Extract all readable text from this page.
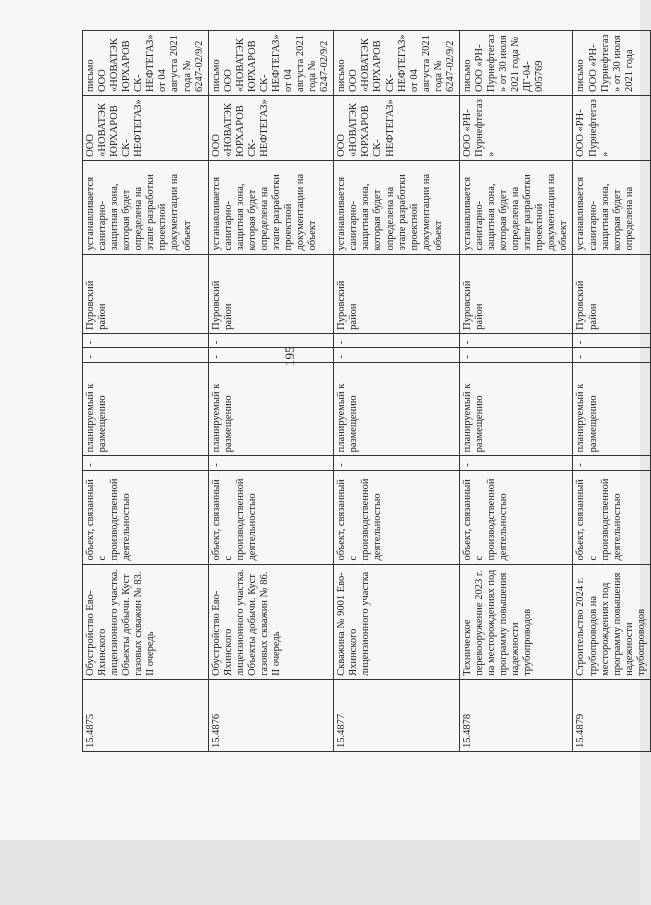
195
15.4875	Обустройство Ево-Яхинского лицензионного участка. Объекты добычи. Куст газовых скважин № 83. II очередь	объект, связанный с производственной деятельностью	-	планируемый к размещению	-	-	Пуровский район	устанавливается санитарно-защитная зона, которая будет определена на этапе разработки проектной документации на объект	ООО «НОВАТЭК ЮРХАРОВСК-НЕФТЕГАЗ»	письмо ООО «НОВАТЭК ЮРХАРОВСК-НЕФТЕГАЗ» от 04 августа 2021 года № 6247-02/9/2
15.4876	Обустройство Ево-Яхинского лицензионного участка. Объекты добычи. Куст газовых скважин № 86. II очередь	объект, связанный с производственной деятельностью	-	планируемый к размещению	-	-	Пуровский район	устанавливается санитарно-защитная зона, которая будет определена на этапе разработки проектной документации на объект	ООО «НОВАТЭК ЮРХАРОВСК-НЕФТЕГАЗ»	письмо ООО «НОВАТЭК ЮРХАРОВСК-НЕФТЕГАЗ» от 04 августа 2021 года № 6247-02/9/2
15.4877	Скважина № 9001 Ево-Яхинского лицензионного участка	объект, связанный с производственной деятельностью	-	планируемый к размещению	-	-	Пуровский район	устанавливается санитарно-защитная зона, которая будет определена на этапе разработки проектной документации на объект	ООО «НОВАТЭК ЮРХАРОВСК-НЕФТЕГАЗ»	письмо ООО «НОВАТЭК ЮРХАРОВСК-НЕФТЕГАЗ» от 04 августа 2021 года № 6247-02/9/2
15.4878	Техническое перевооружение 2023 г. на месторождениях под программу повышения надежности трубопроводов	объект, связанный с производственной деятельностью	-	планируемый к размещению	-	-	Пуровский район	устанавливается санитарно-защитная зона, которая будет определена на этапе разработки проектной документации на объект	ООО «РН-Пурнефтегаз»	письмо ООО «РН-Пурнефтегаз» от 30 июля 2021 года № ДГ-04-005769
15.4879	Строительство 2024 г. трубопроводов на месторождениях под программу повышения надежности трубопроводов	объект, связанный с производственной деятельностью	-	планируемый к размещению	-	-	Пуровский район	устанавливается санитарно-защитная зона, которая будет определена на	ООО «РН-Пурнефтегаз»	письмо ООО «РН-Пурнефтегаз» от 30 июля 2021 года
